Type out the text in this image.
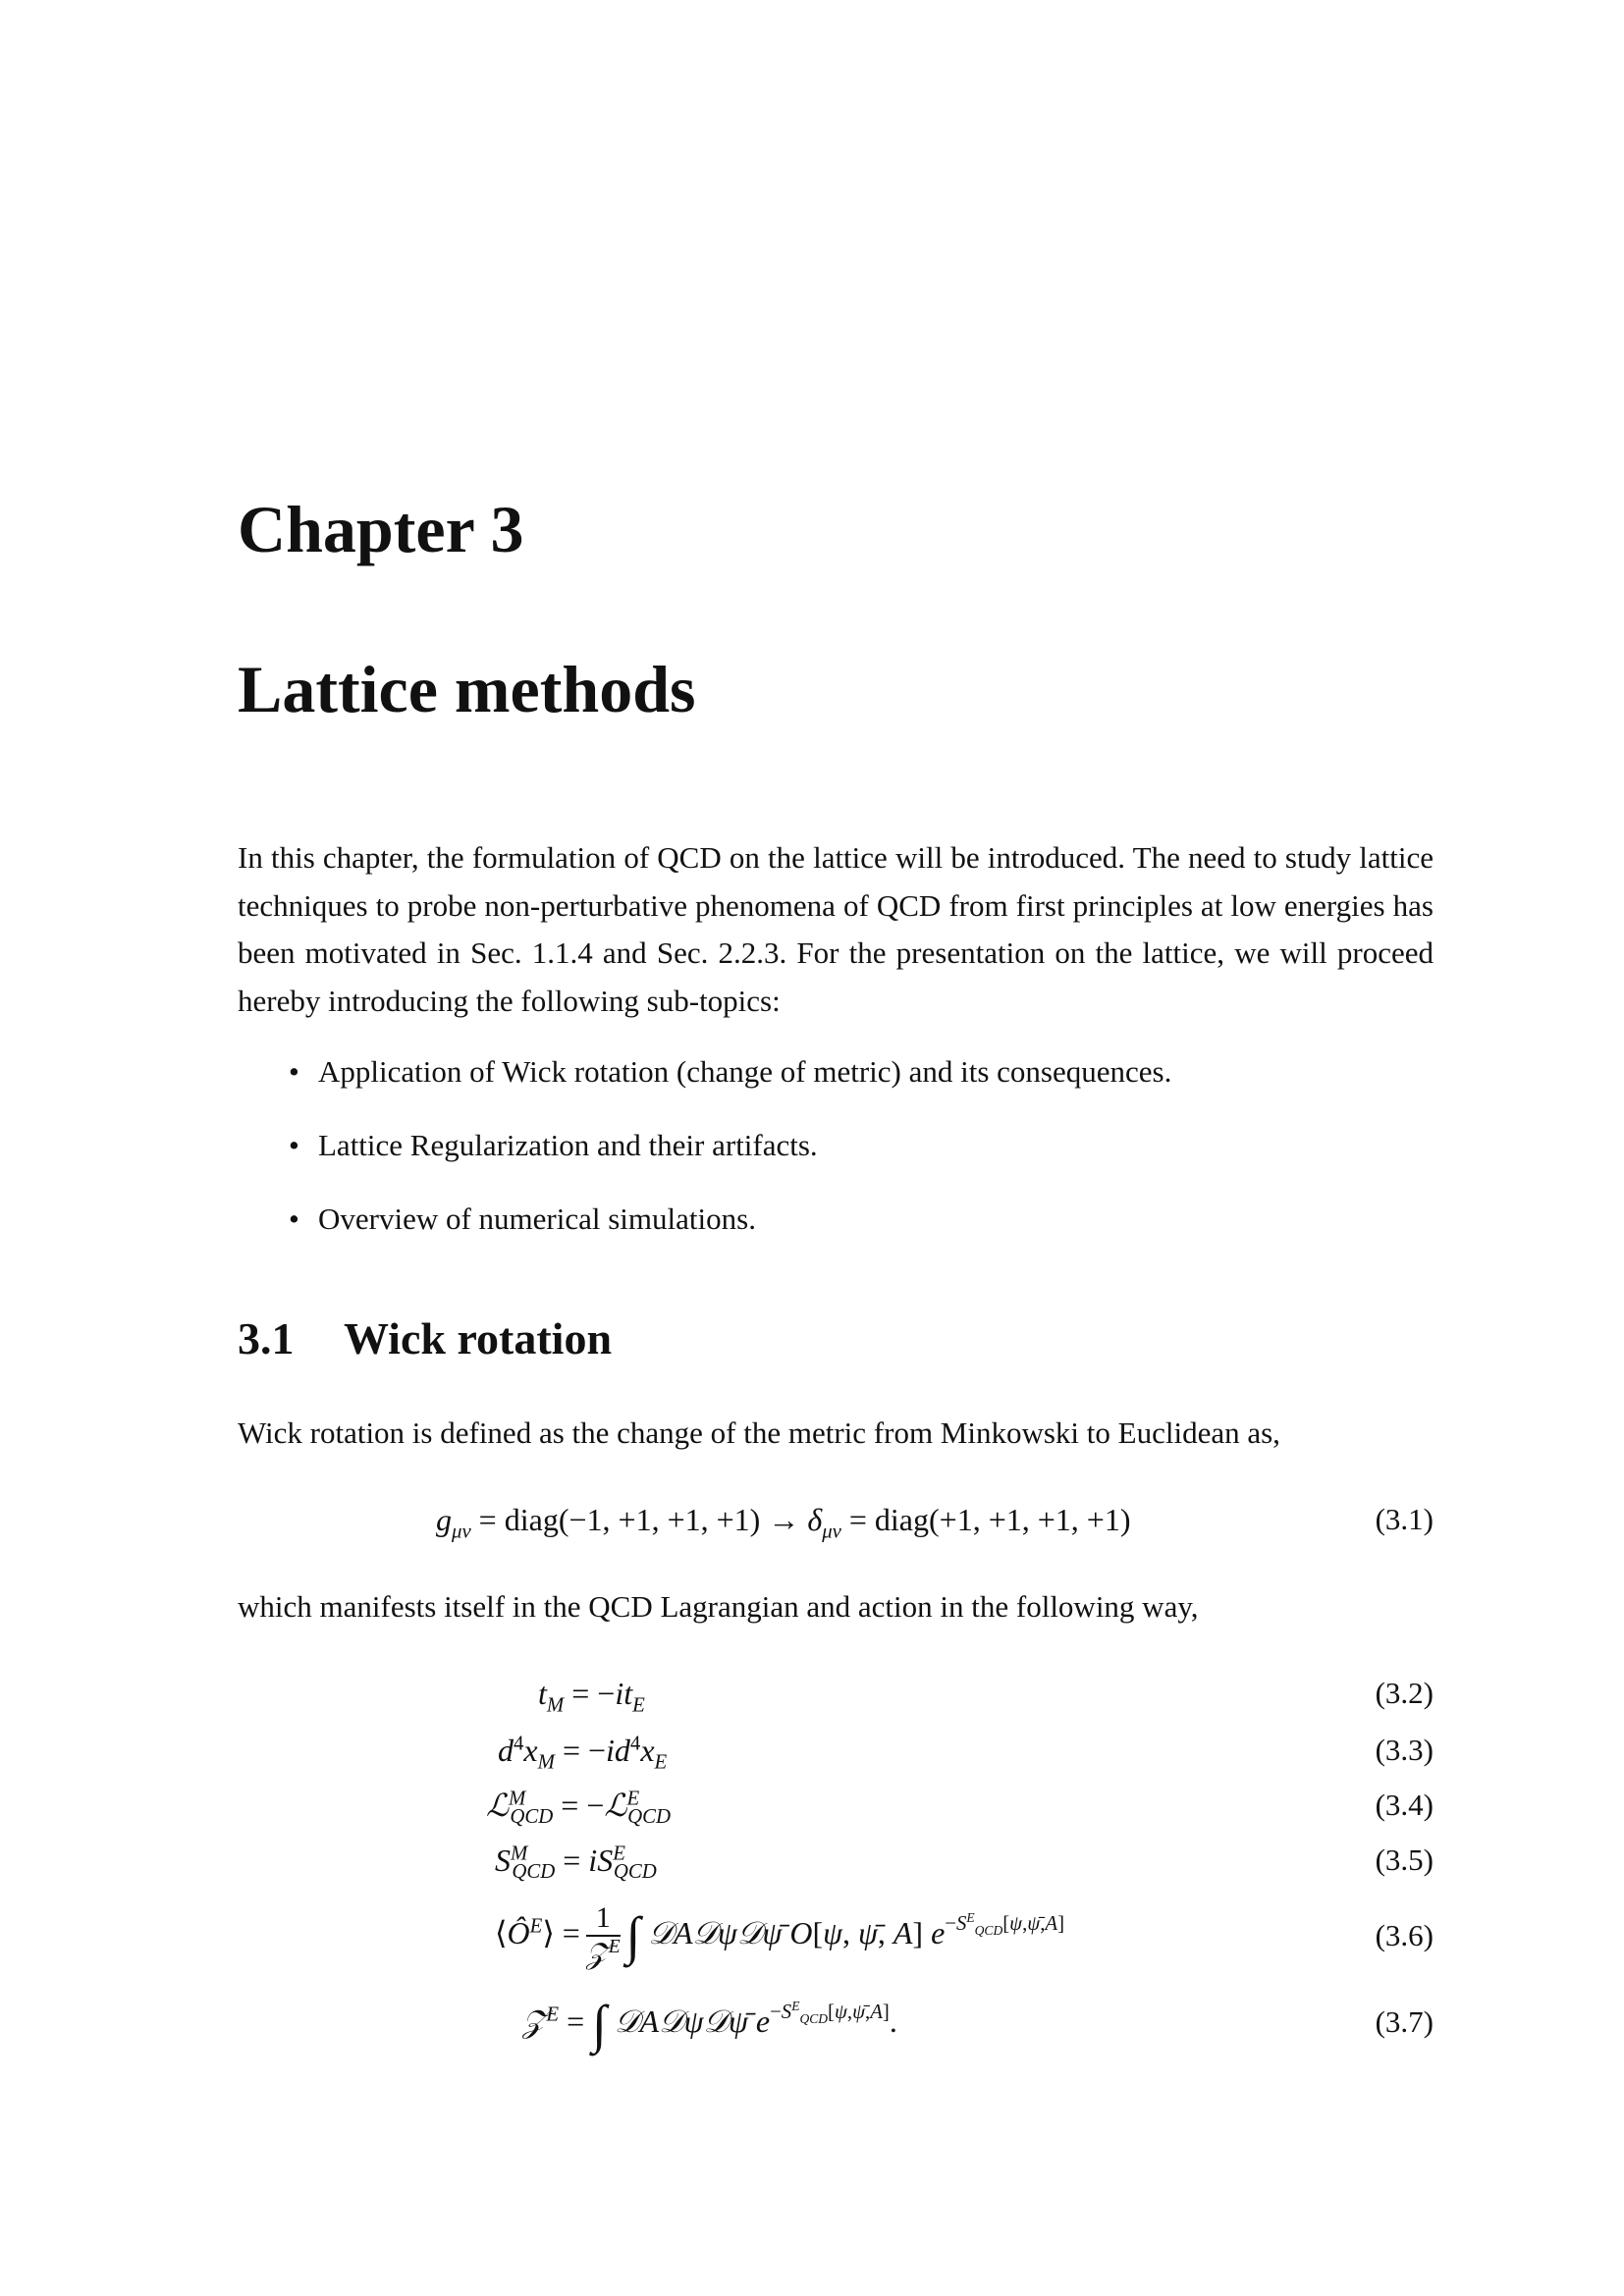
Chapter 3
Lattice methods

In this chapter, the formulation of QCD on the lattice will be introduced. The need to study lattice techniques to probe non-perturbative phenomena of QCD from first principles at low energies has been motivated in Sec. 1.1.4 and Sec. 2.2.3. For the presentation on the lattice, we will proceed hereby introducing the following sub-topics:

• Application of Wick rotation (change of metric) and its consequences.
• Lattice Regularization and their artifacts.
• Overview of numerical simulations.
3.1 Wick rotation

Wick rotation is defined as the change of the metric from Minkowski to Euclidean as,

$g_{\mu\nu}$ = diag(−1, +1, +1, $+1) \to \delta_{\mu\nu}$ = diag(+1, +1, +1, +1)	(3.1)

which manifests itself in the QCD Lagrangian and action in the following way,

$t_M = -it_E$	(3.2)
$d^4x_M = -id^4x_E$	(3.3)
ℒ$^M_{QCD}$ = −ℒ$^E_{QCD}$	(3.4)
$S^M_{QCD} = iS^E_{QCD}$	(3.5)
$⟨Ô^E⟩ = \frac{1}{𝒵^E}$ ∫ 𝒟A𝒟ψ𝒟ψ̄ O[ψ, ψ̄, A] $e^{-S^E_{QCD}[\psi,\psī,A]}$	(3.6)
𝒵$^E$ = ∫ 𝒟A𝒟ψ𝒟ψ̄ $e^{-S^E_{QCD}[\psi,\psī,A]}$.	(3.7)
